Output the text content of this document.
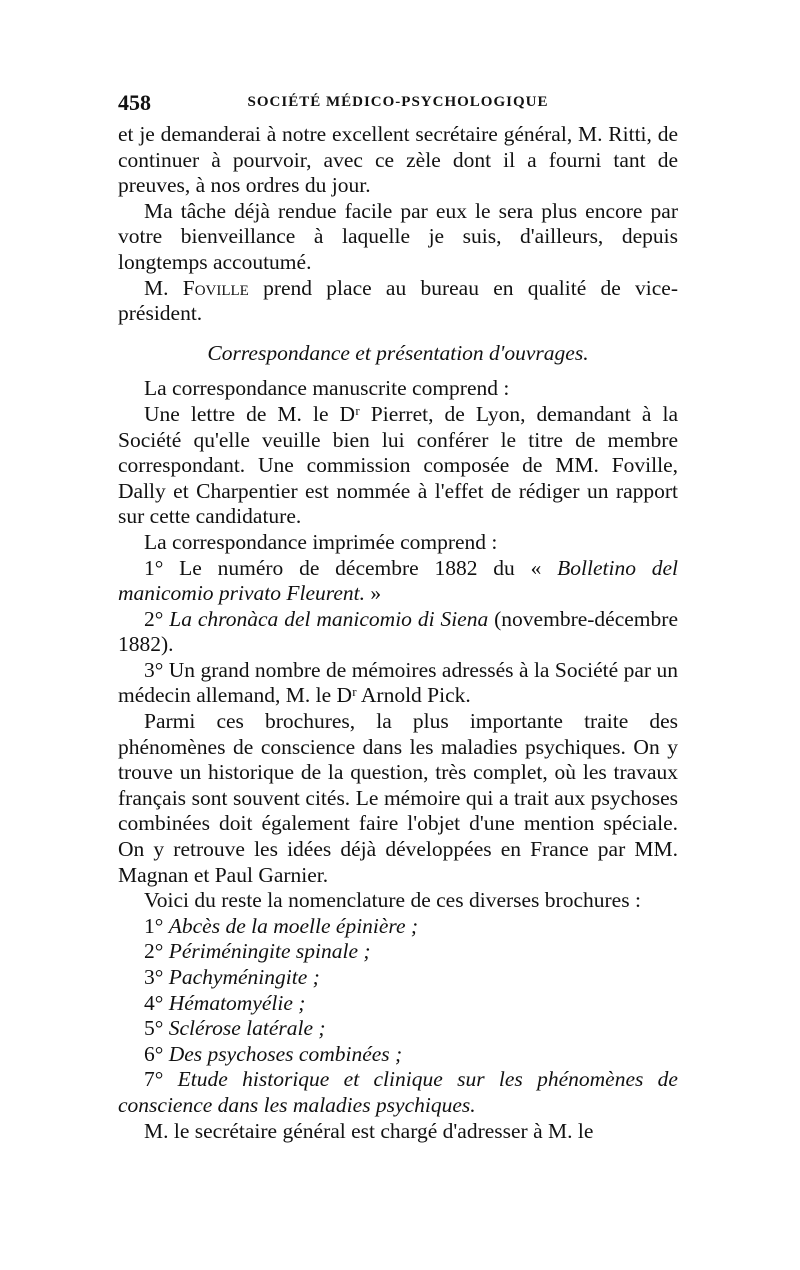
458	SOCIÉTÉ MÉDICO-PSYCHOLOGIQUE

et je demanderai à notre excellent secrétaire général, M. Ritti, de continuer à pourvoir, avec ce zèle dont il a fourni tant de preuves, à nos ordres du jour.

Ma tâche déjà rendue facile par eux le sera plus encore par votre bienveillance à laquelle je suis, d'ailleurs, depuis longtemps accoutumé.

M. Foville prend place au bureau en qualité de vice-président.

Correspondance et présentation d'ouvrages.

La correspondance manuscrite comprend :

Une lettre de M. le Dʳ Pierret, de Lyon, demandant à la Société qu'elle veuille bien lui conférer le titre de membre correspondant. Une commission composée de MM. Foville, Dally et Charpentier est nommée à l'effet de rédiger un rapport sur cette candidature.

La correspondance imprimée comprend :

1° Le numéro de décembre 1882 du « Bolletino del manicomio privato Fleurent. »

2° La chronàca del manicomio di Siena (novembre-décembre 1882).

3° Un grand nombre de mémoires adressés à la Société par un médecin allemand, M. le Dʳ Arnold Pick.

Parmi ces brochures, la plus importante traite des phénomènes de conscience dans les maladies psychiques. On y trouve un historique de la question, très complet, où les travaux français sont souvent cités. Le mémoire qui a trait aux psychoses combinées doit également faire l'objet d'une mention spéciale. On y retrouve les idées déjà développées en France par MM. Magnan et Paul Garnier.

Voici du reste la nomenclature de ces diverses brochures :

1° Abcès de la moelle épinière ;

2° Périméningite spinale ;

3° Pachyméningite ;

4° Hématomyélie ;

5° Sclérose latérale ;

6° Des psychoses combinées ;

7° Etude historique et clinique sur les phénomènes de conscience dans les maladies psychiques.

M. le secrétaire général est chargé d'adresser à M. le
